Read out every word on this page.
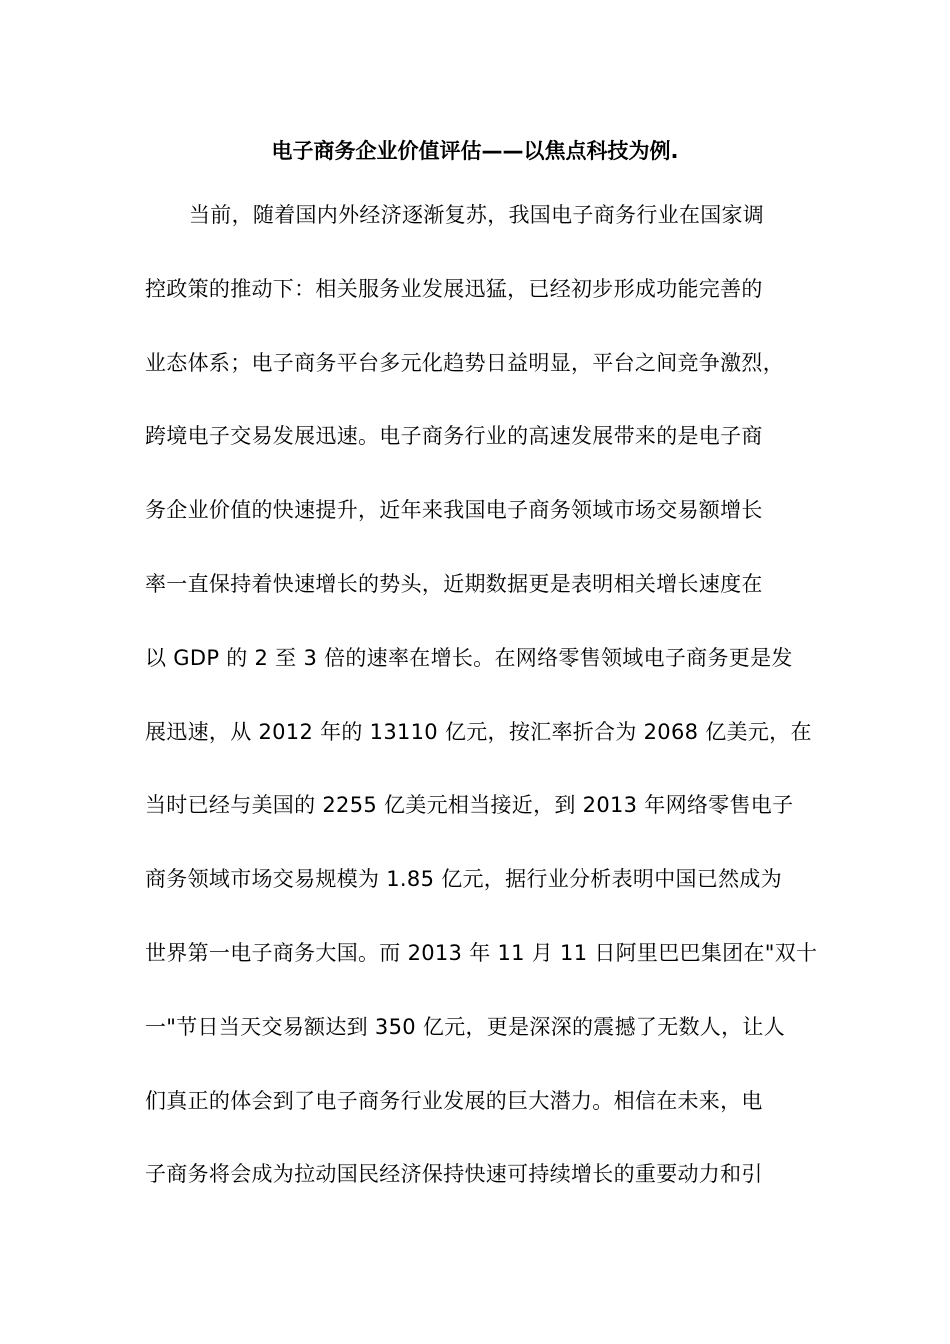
电子商务企业价值评估——以焦点科技为例.
当前，随着国内外经济逐渐复苏，我国电子商务行业在国家调
控政策的推动下：相关服务业发展迅猛，已经初步形成功能完善的
业态体系；电子商务平台多元化趋势日益明显，平台之间竞争激烈，
跨境电子交易发展迅速。电子商务行业的高速发展带来的是电子商
务企业价值的快速提升，近年来我国电子商务领域市场交易额增长
率一直保持着快速增长的势头，近期数据更是表明相关增长速度在
以 GDP 的 2 至 3 倍的速率在增长。在网络零售领域电子商务更是发
展迅速，从 2012 年的 13110 亿元，按汇率折合为 2068 亿美元，在
当时已经与美国的 2255 亿美元相当接近，到 2013 年网络零售电子
商务领域市场交易规模为 1.85 亿元，据行业分析表明中国已然成为
世界第一电子商务大国。而 2013 年 11 月 11 日阿里巴巴集团在"双十
一"节日当天交易额达到 350 亿元，更是深深的震撼了无数人，让人
们真正的体会到了电子商务行业发展的巨大潜力。相信在未来，电
子商务将会成为拉动国民经济保持快速可持续增长的重要动力和引
